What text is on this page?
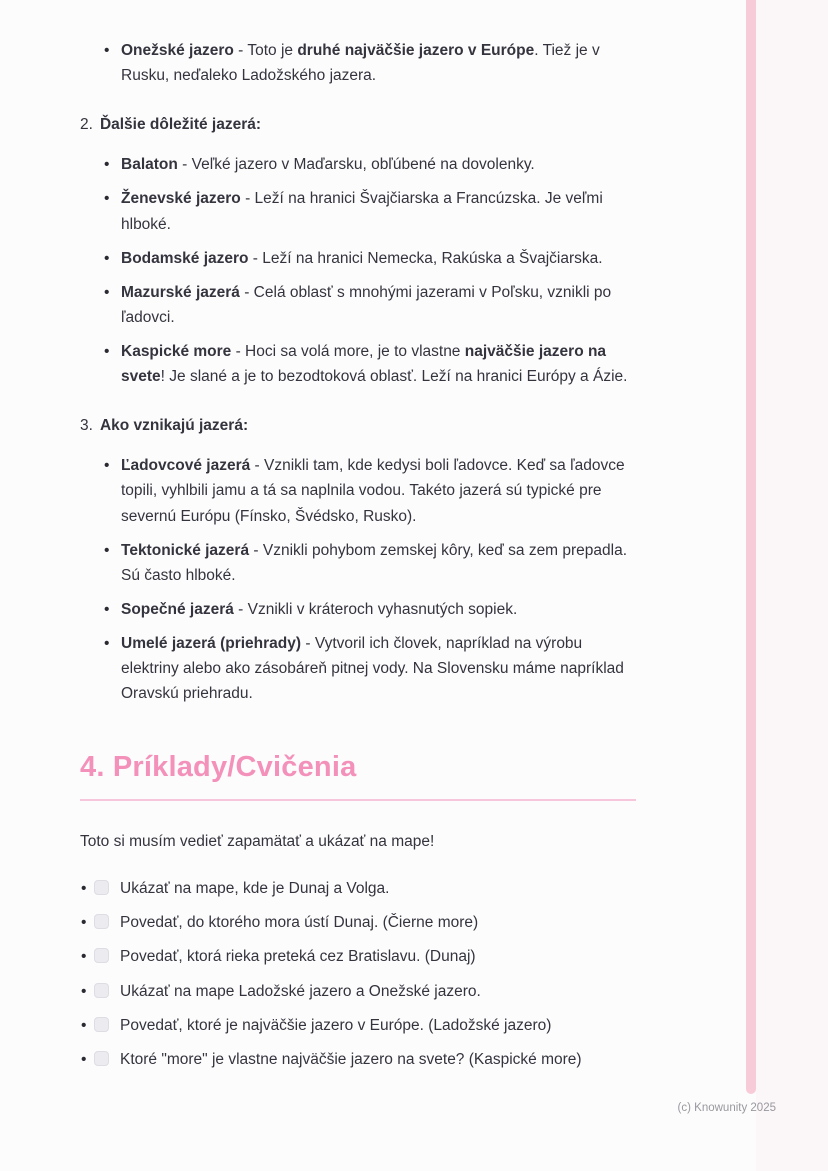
• Onežské jazero - Toto je druhé najväčšie jazero v Európe. Tiež je v Rusku, neďaleko Ladožského jazera.
2. Ďalšie dôležité jazerá:
• Balaton - Veľké jazero v Maďarsku, obľúbené na dovolenky.
• Ženevské jazero - Leží na hranici Švajčiarska a Francúzska. Je veľmi hlboké.
• Bodamské jazero - Leží na hranici Nemecka, Rakúska a Švajčiarska.
• Mazurské jazerá - Celá oblasť s mnohými jazerami v Poľsku, vznikli po ľadovci.
• Kaspické more - Hoci sa volá more, je to vlastne najväčšie jazero na svete! Je slané a je to bezodtoková oblasť. Leží na hranici Európy a Ázie.
3. Ako vznikajú jazerá:
• Ľadovcové jazerá - Vznikli tam, kde kedysi boli ľadovce. Keď sa ľadovce topili, vyhlbili jamu a tá sa naplnila vodou. Takéto jazerá sú typické pre severnú Európu (Fínsko, Švédsko, Rusko).
• Tektonické jazerá - Vznikli pohybom zemskej kôry, keď sa zem prepadla. Sú často hlboké.
• Sopečné jazerá - Vznikli v kráteroch vyhasnutých sopiek.
• Umelé jazerá (priehrady) - Vytvoril ich človek, napríklad na výrobu elektriny alebo ako zásobáreň pitnej vody. Na Slovensku máme napríklad Oravskú priehradu.
4. Príklady/Cvičenia

Toto si musím vedieť zapamätať a ukázať na mape!

• Ukázať na mape, kde je Dunaj a Volga.
• Povedať, do ktorého mora ústí Dunaj. (Čierne more)
• Povedať, ktorá rieka preteká cez Bratislavu. (Dunaj)
• Ukázať na mape Ladožské jazero a Onežské jazero.
• Povedať, ktoré je najväčšie jazero v Európe. (Ladožské jazero)
• Ktoré "more" je vlastne najväčšie jazero na svete? (Kaspické more)
(c) Knowunity 2025
